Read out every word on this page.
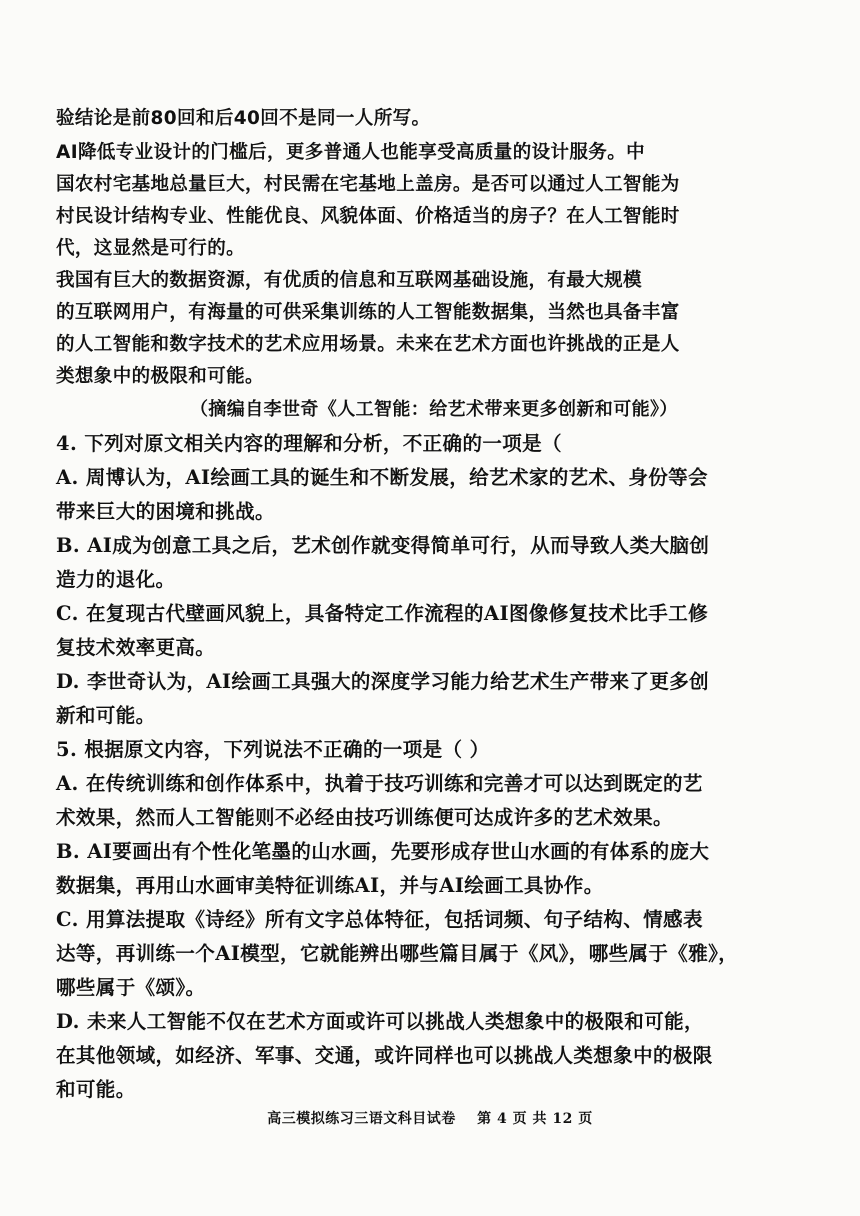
验结论是前80回和后40回不是同一人所写。
AI降低专业设计的门槛后，更多普通人也能享受高质量的设计服务。中
国农村宅基地总量巨大，村民需在宅基地上盖房。是否可以通过人工智能为
村民设计结构专业、性能优良、风貌体面、价格适当的房子？在人工智能时
代，这显然是可行的。
我国有巨大的数据资源，有优质的信息和互联网基础设施，有最大规模
的互联网用户，有海量的可供采集训练的人工智能数据集，当然也具备丰富
的人工智能和数字技术的艺术应用场景。未来在艺术方面也许挑战的正是人
类想象中的极限和可能。
（摘编自李世奇《人工智能：给艺术带来更多创新和可能》）
4. 下列对原文相关内容的理解和分析，不正确的一项是（
A. 周博认为，AI绘画工具的诞生和不断发展，给艺术家的艺术、身份等会
带来巨大的困境和挑战。
B. AI成为创意工具之后，艺术创作就变得简单可行，从而导致人类大脑创
造力的退化。
C. 在复现古代壁画风貌上，具备特定工作流程的AI图像修复技术比手工修
复技术效率更高。
D. 李世奇认为，AI绘画工具强大的深度学习能力给艺术生产带来了更多创
新和可能。
5. 根据原文内容，下列说法不正确的一项是（ ）
A. 在传统训练和创作体系中，执着于技巧训练和完善才可以达到既定的艺
术效果，然而人工智能则不必经由技巧训练便可达成许多的艺术效果。
B. AI要画出有个性化笔墨的山水画，先要形成存世山水画的有体系的庞大
数据集，再用山水画审美特征训练AI，并与AI绘画工具协作。
C. 用算法提取《诗经》所有文字总体特征，包括词频、句子结构、情感表
达等，再训练一个AI模型，它就能辨出哪些篇目属于《风》，哪些属于《雅》，
哪些属于《颂》。
D. 未来人工智能不仅在艺术方面或许可以挑战人类想象中的极限和可能，
在其他领域，如经济、军事、交通，或许同样也可以挑战人类想象中的极限
和可能。
高三模拟练习三语文科目试卷 第 4 页 共 12 页
